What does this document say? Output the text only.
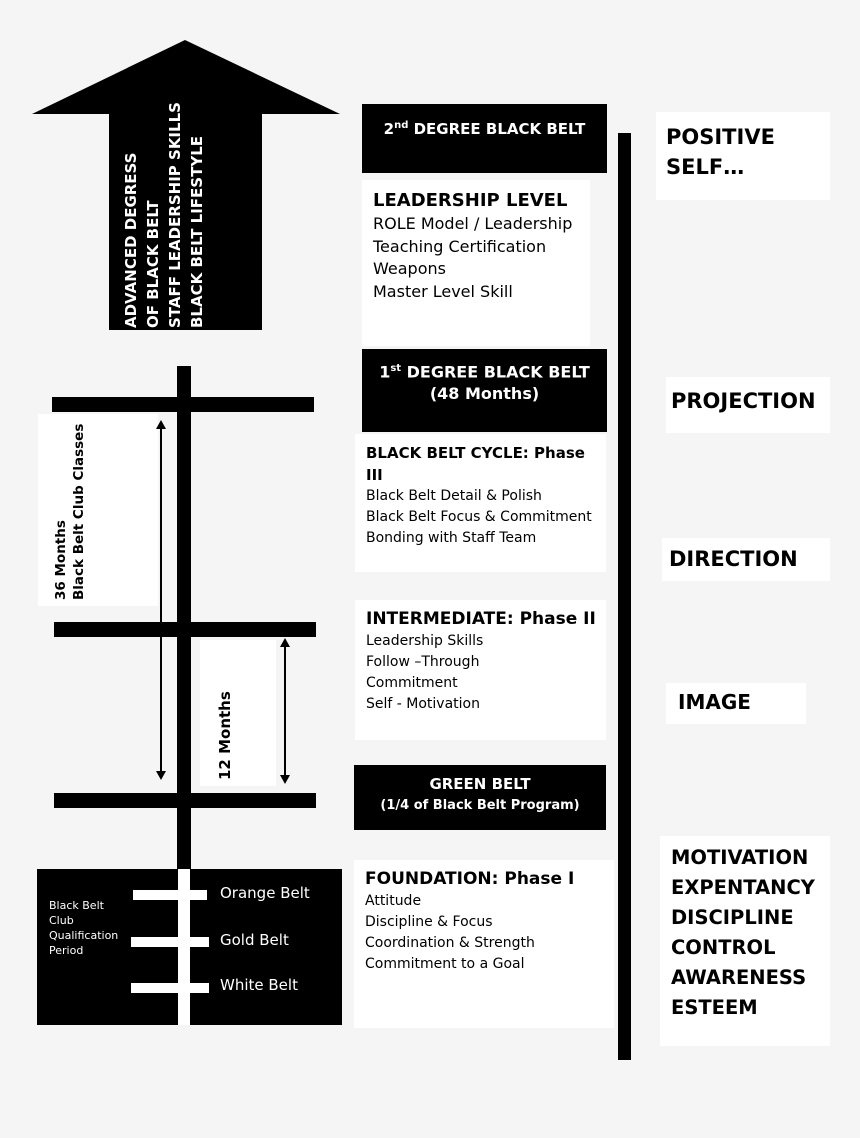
ADVANCED DEGRESS OF BLACK BELT STAFF LEADERSHIP SKILLS BLACK BELT LIFESTYLE
36 Months Black Belt Club Classes
12 Months
Orange Belt
Gold Belt
White Belt
Black Belt
Club
Qualification
Period
2nd DEGREE BLACK BELT
LEADERSHIP LEVEL
ROLE Model / Leadership
Teaching Certification
Weapons
Master Level Skill
1st DEGREE BLACK BELT
(48 Months)
BLACK BELT CYCLE: Phase III
Black Belt Detail & Polish
Black Belt Focus & Commitment
Bonding with Staff Team
INTERMEDIATE: Phase II
Leadership Skills
Follow –Through
Commitment
Self - Motivation
GREEN BELT
(1/4 of Black Belt Program)
FOUNDATION: Phase I
Attitude
Discipline & Focus
Coordination & Strength
Commitment to a Goal
POSITIVE
SELF…
PROJECTION
DIRECTION
IMAGE
MOTIVATION
EXPENTANCY
DISCIPLINE
CONTROL
AWARENESS
ESTEEM
